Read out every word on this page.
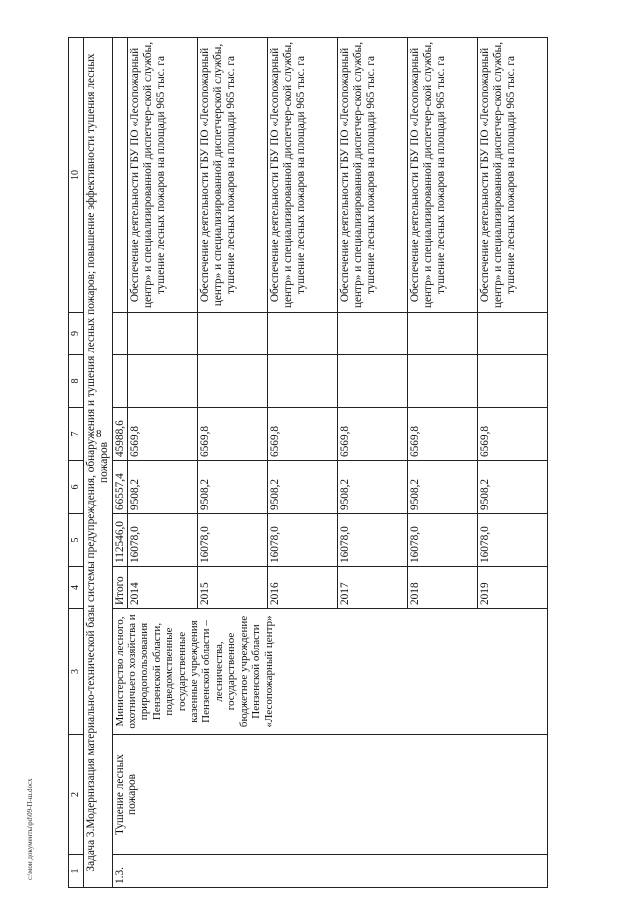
8
c:\мои документы\pd\09-П-ш.docx	1	2	3	4	5	6	7	8	9	10
Задача 3.Модернизация материально-технической базы системы предупреждения, обнаружения и тушения лесных пожаров; повышение эффективности тушения лесных пожаров									
1.3.	Тушение лесных пожаров	Министерство лесного, охотничьего хозяйства и природопользования Пензенской области, подведомственные государственные казенные учреждения Пензенской области – лесничества, государственное бюджетное учреждение Пензенской области «Лесопожарный центр»	Итого	112546,0	66557,4	45988,6			
			2014	16078,0	9508,2	6569,8			Обеспечение деятельности ГБУ ПО «Лесопожарный центр» и специализированной диспетчер-ской службы, тушение лесных пожаров на площади 965 тыс. га
			2015	16078,0	9508,2	6569,8			Обеспечение деятельности ГБУ ПО «Лесопожарный центр» и специализированной диспетчерской службы, тушение лесных пожаров на площади 965 тыс. га
			2016	16078,0	9508,2	6569,8			Обеспечение деятельности ГБУ ПО «Лесопожарный центр» и специализированной диспетчер-ской службы, тушение лесных пожаров на площади 965 тыс. га
			2017	16078,0	9508,2	6569,8			Обеспечение деятельности ГБУ ПО «Лесопожарный центр» и специализированной диспетчер-ской службы, тушение лесных пожаров на площади 965 тыс. га
			2018	16078,0	9508,2	6569,8			Обеспечение деятельности ГБУ ПО «Лесопожарный центр» и специализированной диспетчер-ской службы, тушение лесных пожаров на площади 965 тыс. га
			2019	16078,0	9508,2	6569,8			Обеспечение деятельности ГБУ ПО «Лесопожарный центр» и специализированной диспетчер-ской службы, тушение лесных пожаров на площади 965 тыс. га
